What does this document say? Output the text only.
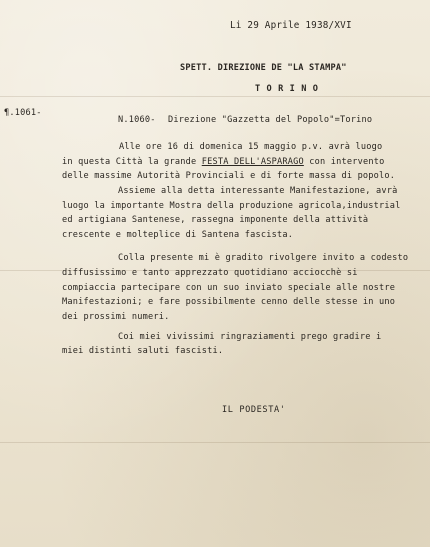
Li 29 Aprile 1938/XVI
SPETT. DIREZIONE DE "LA STAMPA"
T O R I N O
¶.1061-
N.1060- Direzione "Gazzetta del Popolo"=Torino
Alle ore 16 di domenica 15 maggio p.v. avrà luogo
in questa Città la grande FESTA DELL'ASPARAGO con intervento
delle massime Autorità Provinciali e di forte massa di popolo.
Assieme alla detta interessante Manifestazione, avrà
luogo la importante Mostra della produzione agricola,industrial
ed artigiana Santenese, rassegna imponente della attività
crescente e molteplice di Santena fascista.
Colla presente mi è gradito rivolgere invito a codesto
diffusissimo e tanto apprezzato quotidiano acciocchè si
compiaccia partecipare con un suo inviato speciale alle nostre
Manifestazioni; e fare possibilmente cenno delle stesse in uno
dei prossimi numeri.
Coi miei vivissimi ringraziamenti prego gradire i
miei distinti saluti fascisti.
IL PODESTA'
